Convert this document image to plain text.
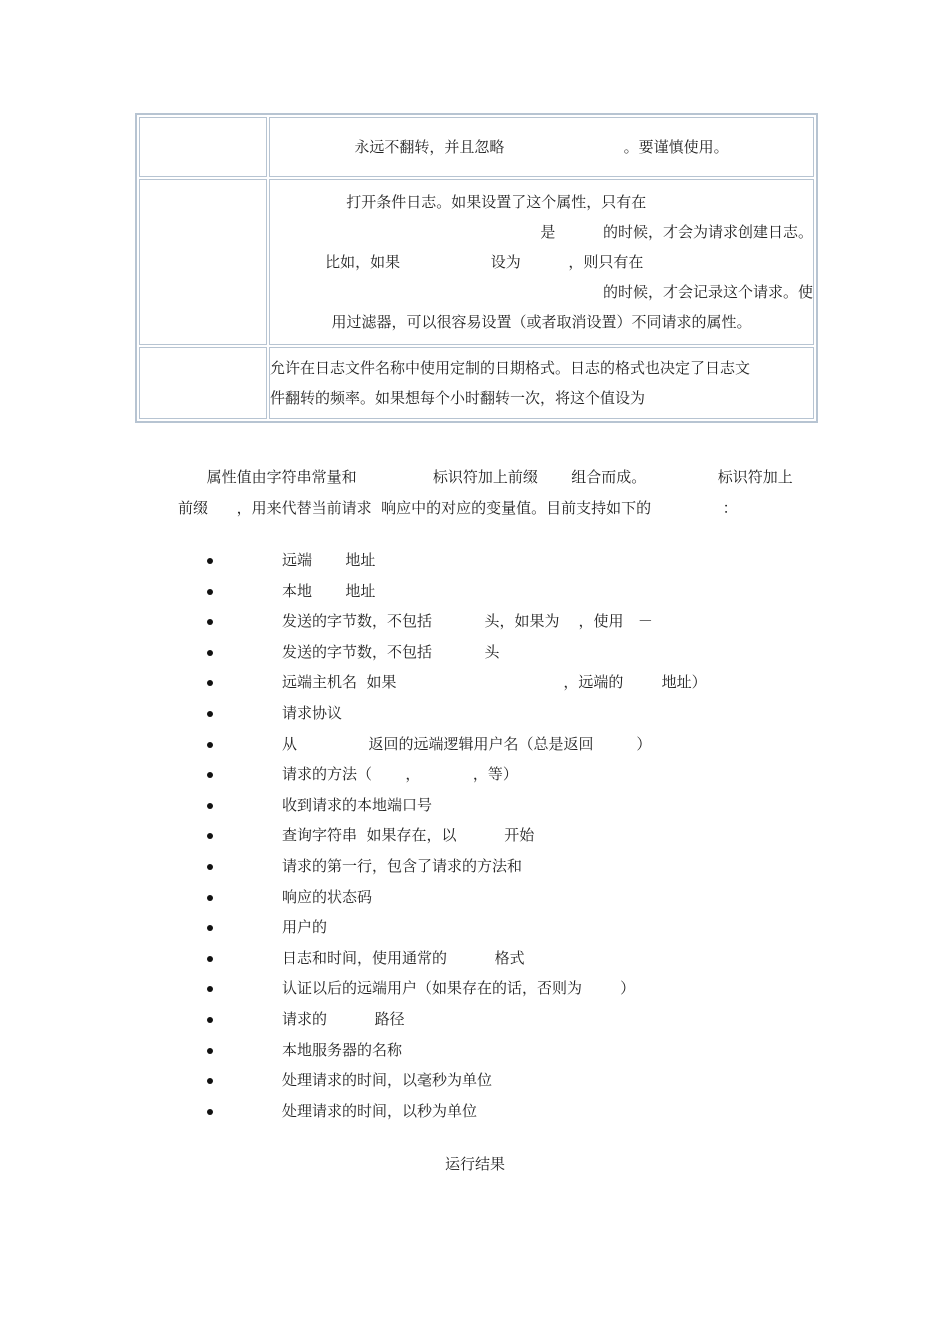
	永远不翻转，并且忽略                         。要谨慎使用。

	打开条件日志。如果设置了这个属性，只有在
是          的时候，才会为请求创建日志。
比如，如果                   设为          ，则只有在
的时候，才会记录这个请求。使
用过滤器，可以很容易设置（或者取消设置）不同请求的属性。

	允许在日志文件名称中使用定制的日期格式。日志的格式也决定了日志文
件翻转的频率。如果想每个小时翻转一次，将这个值设为
属性值由字符串常量和                标识符加上前缀       组合而成。               标识符加上
前缀      ，用来代替当前请求  响应中的对应的变量值。目前支持如下的               ：
远端       地址
本地       地址
发送的字节数，不包括           头，如果为    ，使用   －
发送的字节数，不包括           头
远端主机名  如果                                   ，远端的        地址）
请求协议
从               返回的远端逻辑用户名（总是返回         ）
请求的方法（       ，           ，等）
收到请求的本地端口号
查询字符串  如果存在，以          开始
请求的第一行，包含了请求的方法和
响应的状态码
用户的
日志和时间，使用通常的          格式
认证以后的远端用户（如果存在的话，否则为        ）
请求的          路径
本地服务器的名称
处理请求的时间，以毫秒为单位
处理请求的时间，以秒为单位
运行结果
